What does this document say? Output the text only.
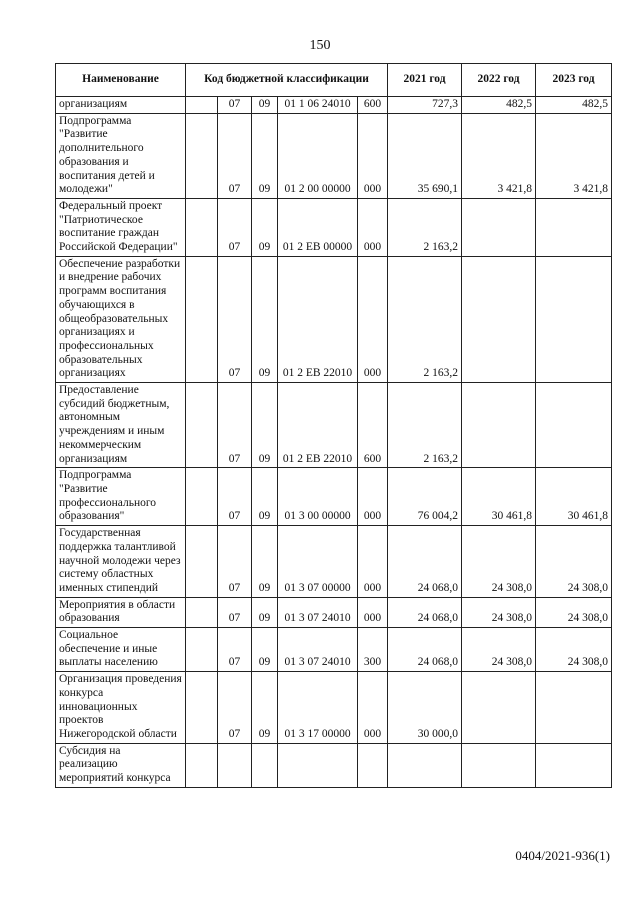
150
Наименование	Код бюджетной классификации					2021 год	2022 год	2023 год
организациям		07	09	01 1 06 24010	600	727,3	482,5	482,5
Подпрограмма "Развитие дополнительного образования и воспитания детей и молодежи"		07	09	01 2 00 00000	000	35 690,1	3 421,8	3 421,8
Федеральный проект "Патриотическое воспитание граждан Российской Федерации"		07	09	01 2 EB 00000	000	2 163,2		
Обеспечение разработки и внедрение рабочих программ воспитания обучающихся в общеобразовательных организациях и профессиональных образовательных организациях		07	09	01 2 EB 22010	000	2 163,2		
Предоставление субсидий бюджетным, автономным учреждениям и иным некоммерческим организациям		07	09	01 2 EB 22010	600	2 163,2		
Подпрограмма "Развитие профессионального образования"		07	09	01 3 00 00000	000	76 004,2	30 461,8	30 461,8
Государственная поддержка талантливой научной молодежи через систему областных именных стипендий		07	09	01 3 07 00000	000	24 068,0	24 308,0	24 308,0
Мероприятия в области образования		07	09	01 3 07 24010	000	24 068,0	24 308,0	24 308,0
Социальное обеспечение и иные выплаты населению		07	09	01 3 07 24010	300	24 068,0	24 308,0	24 308,0
Организация проведения конкурса инновационных проектов Нижегородской области		07	09	01 3 17 00000	000	30 000,0		
Субсидия на реализацию мероприятий конкурса								
0404/2021-936(1)
